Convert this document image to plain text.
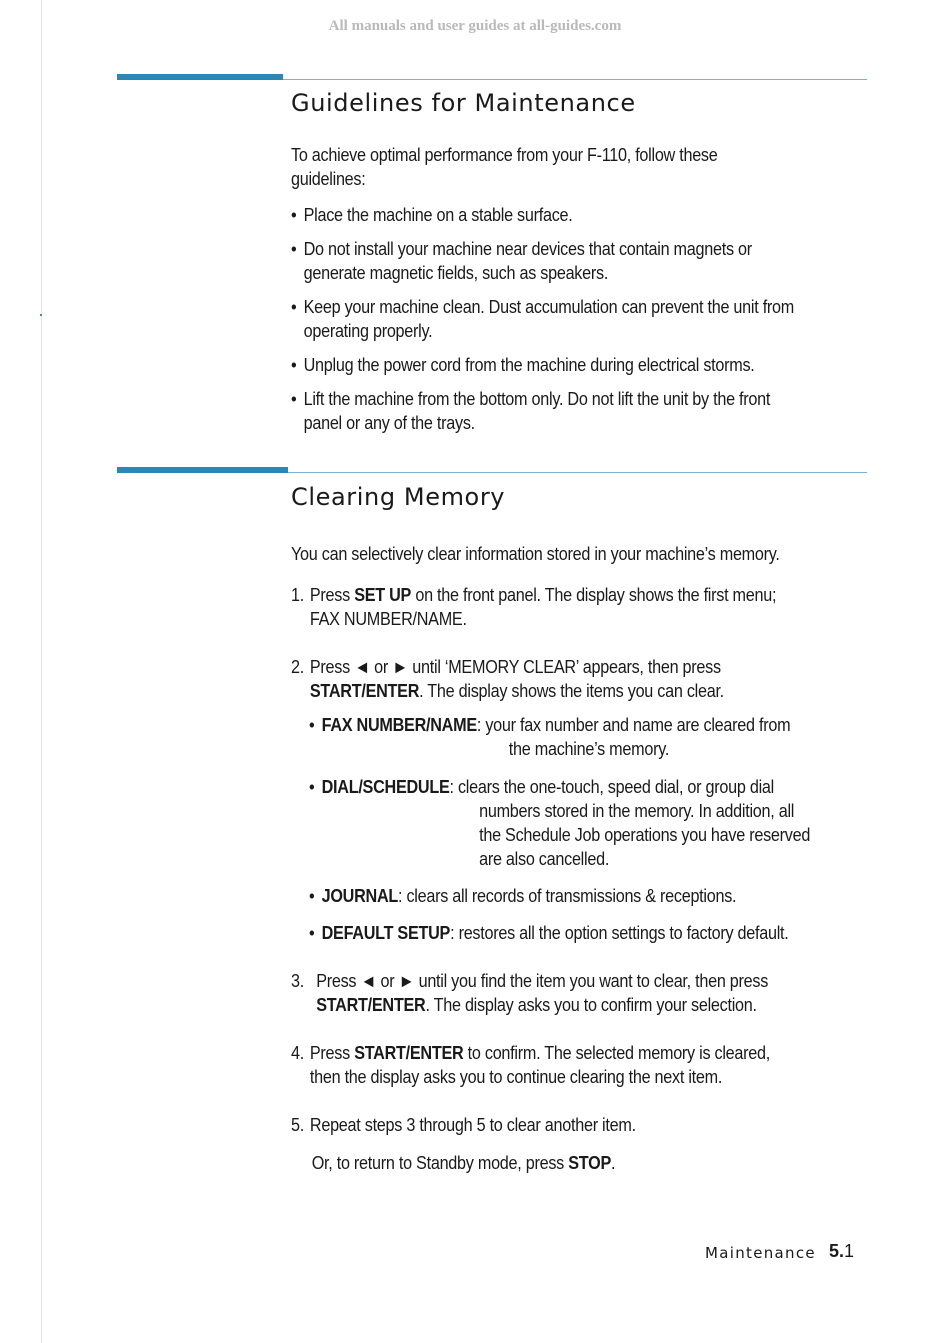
All manuals and user guides at all-guides.com
Guidelines for Maintenance

To achieve optimal performance from your F-110, follow these
guidelines:

• Place the machine on a stable surface.
• Do not install your machine near devices that contain magnets or
generate magnetic fields, such as speakers.
• Keep your machine clean. Dust accumulation can prevent the unit from
operating properly.
• Unplug the power cord from the machine during electrical storms.
• Lift the machine from the bottom only. Do not lift the unit by the front
panel or any of the trays.
Clearing Memory

You can selectively clear information stored in your machine’s memory.

1. Press SET UP on the front panel. The display shows the first menu;
FAX NUMBER/NAME.
2. Press ◄ or ► until ‘MEMORY CLEAR’ appears, then press
START/ENTER. The display shows the items you can clear.
• FAX NUMBER/NAME: your fax number and name are cleared from
the machine’s memory.
• DIAL/SCHEDULE: clears the one-touch, speed dial, or group dial
numbers stored in the memory. In addition, all
the Schedule Job operations you have reserved
are also cancelled.
• JOURNAL: clears all records of transmissions & receptions.
• DEFAULT SETUP: restores all the option settings to factory default.
3. Press ◄ or ► until you find the item you want to clear, then press
START/ENTER. The display asks you to confirm your selection.
4. Press START/ENTER to confirm. The selected memory is cleared,
then the display asks you to continue clearing the next item.
5. Repeat steps 3 through 5 to clear another item.

Or, to return to Standby mode, press STOP.

Maintenance 5.1
